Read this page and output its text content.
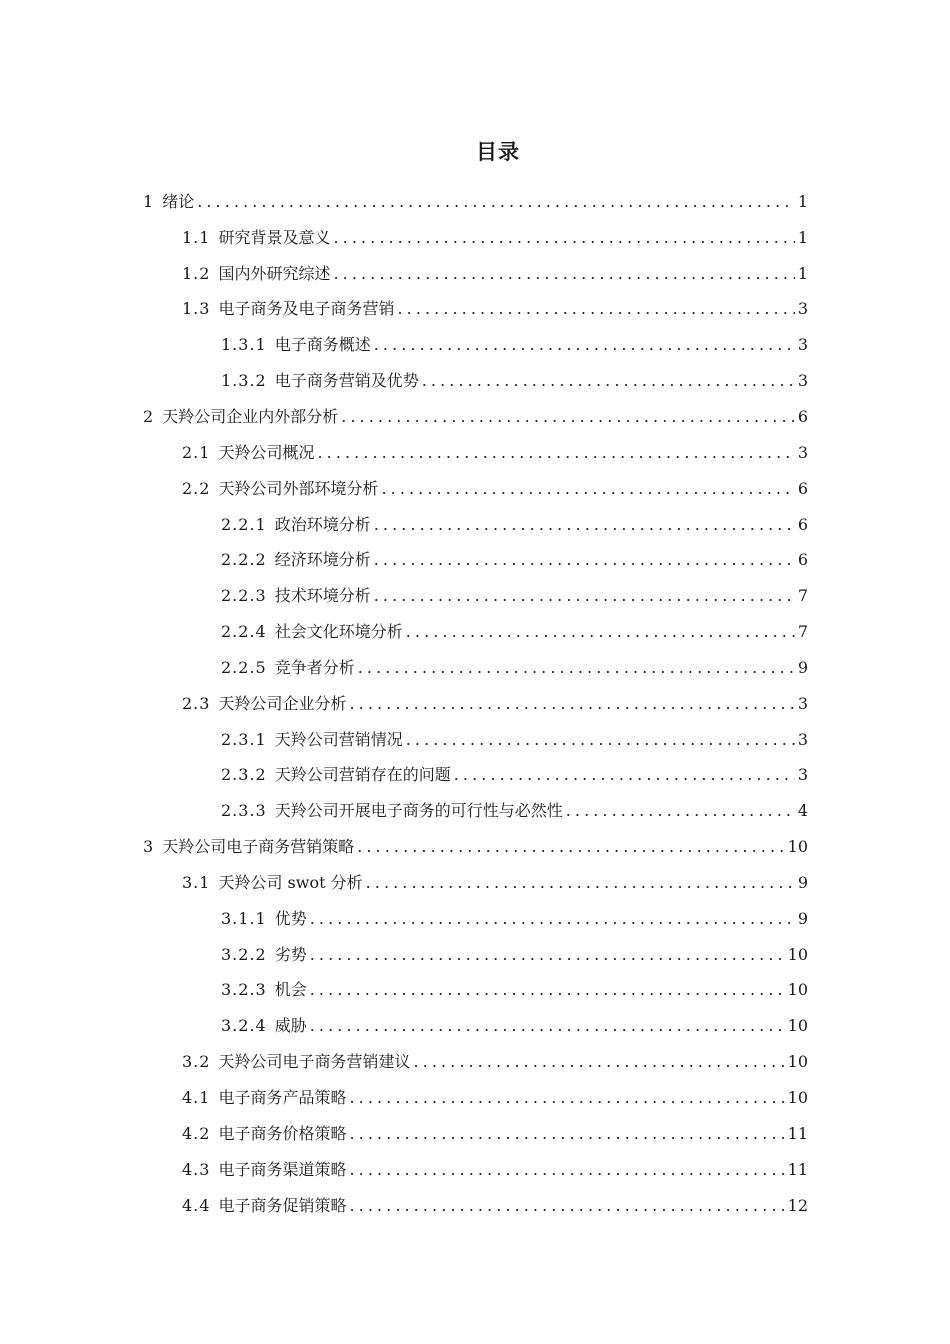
目录
1 绪论 . . .	1
1.1 研究背景及意义 . . .	1
1.2 国内外研究综述 . . .	1
1.3 电子商务及电子商务营销 . . .	3
1.3.1 电子商务概述 . . .	3
1.3.2 电子商务营销及优势 . . .	3
2 天羚公司企业内外部分析 . . .	6
2.1 天羚公司概况 . . .	3
2.2 天羚公司外部环境分析 . . .	6
2.2.1 政治环境分析 . . .	6
2.2.2 经济环境分析 . . .	6
2.2.3 技术环境分析 . . .	7
2.2.4 社会文化环境分析 . . .	7
2.2.5 竞争者分析 . . .	9
2.3 天羚公司企业分析 . . .	3
2.3.1 天羚公司营销情况 . . .	3
2.3.2 天羚公司营销存在的问题 . . .	3
2.3.3 天羚公司开展电子商务的可行性与必然性 . . .	4
3 天羚公司电子商务营销策略 . . .	10
3.1 天羚公司 swot 分析 . . .	9
3.1.1 优势 . . .	9
3.2.2 劣势 . . .	10
3.2.3 机会 . . .	10
3.2.4 威胁 . . .	10
3.2 天羚公司电子商务营销建议 . . .	10
4.1 电子商务产品策略 . . .	10
4.2 电子商务价格策略 . . .	11
4.3 电子商务渠道策略 . . .	11
4.4 电子商务促销策略 . . .	12
